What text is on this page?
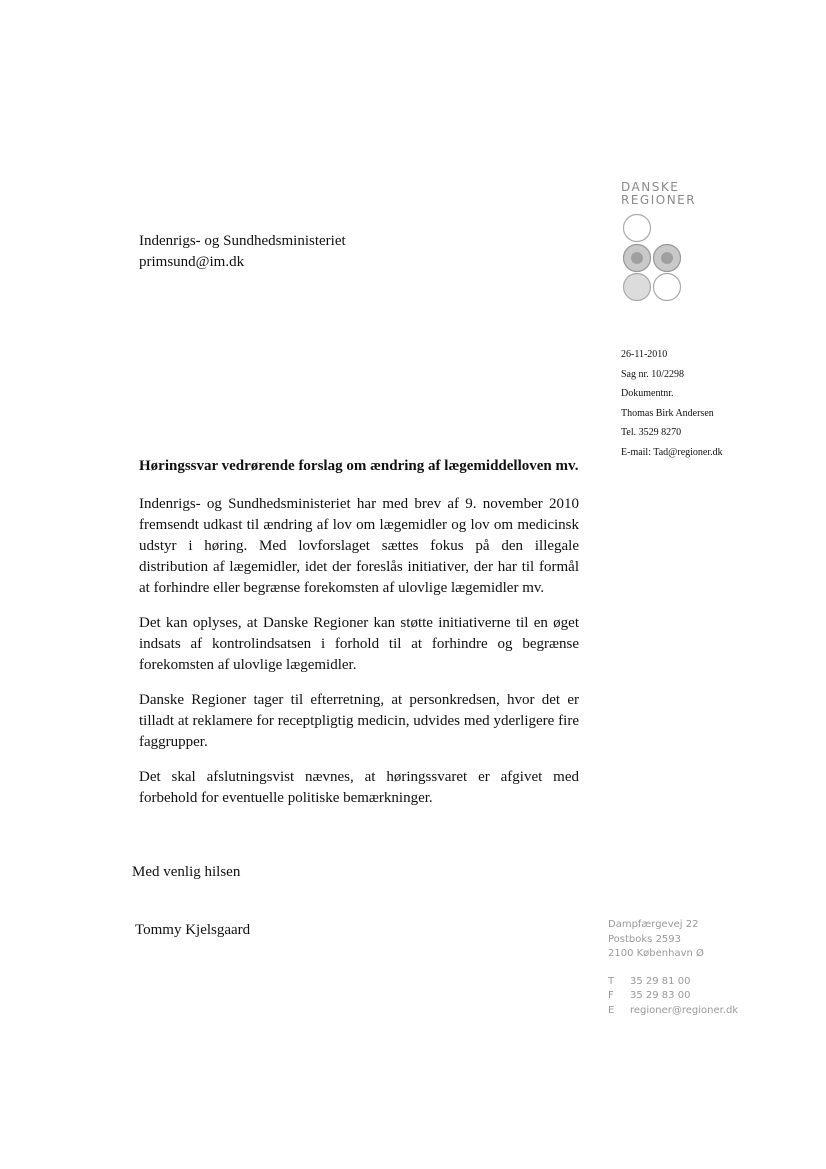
Indenrigs- og Sundhedsministeriet
primsund@im.dk
DANSKE
REGIONER
26-11-2010
Sag nr. 10/2298
Dokumentnr.
Thomas Birk Andersen
Tel. 3529 8270
E-mail: Tad@regioner.dk
Høringssvar vedrørende forslag om ændring af lægemiddelloven mv.

Indenrigs- og Sundhedsministeriet har med brev af 9. november 2010 fremsendt udkast til ændring af lov om lægemidler og lov om medicinsk udstyr i høring. Med lovforslaget sættes fokus på den illegale distribution af lægemidler, idet der foreslås initiativer, der har til formål at forhindre eller begrænse forekomsten af ulovlige lægemidler mv.

Det kan oplyses, at Danske Regioner kan støtte initiativerne til en øget indsats af kontrolindsatsen i forhold til at forhindre og begrænse forekomsten af ulovlige lægemidler.

Danske Regioner tager til efterretning, at personkredsen, hvor det er tilladt at reklamere for receptpligtig medicin, udvides med yderligere fire faggrupper.

Det skal afslutningsvist nævnes, at høringssvaret er afgivet med forbehold for eventuelle politiske bemærkninger.

Med venlig hilsen
Tommy Kjelsgaard	Dampfærgevej 22
Postboks 2593
2100 København Ø
T 35 29 81 00
F 35 29 83 00
E regioner@regioner.dk
